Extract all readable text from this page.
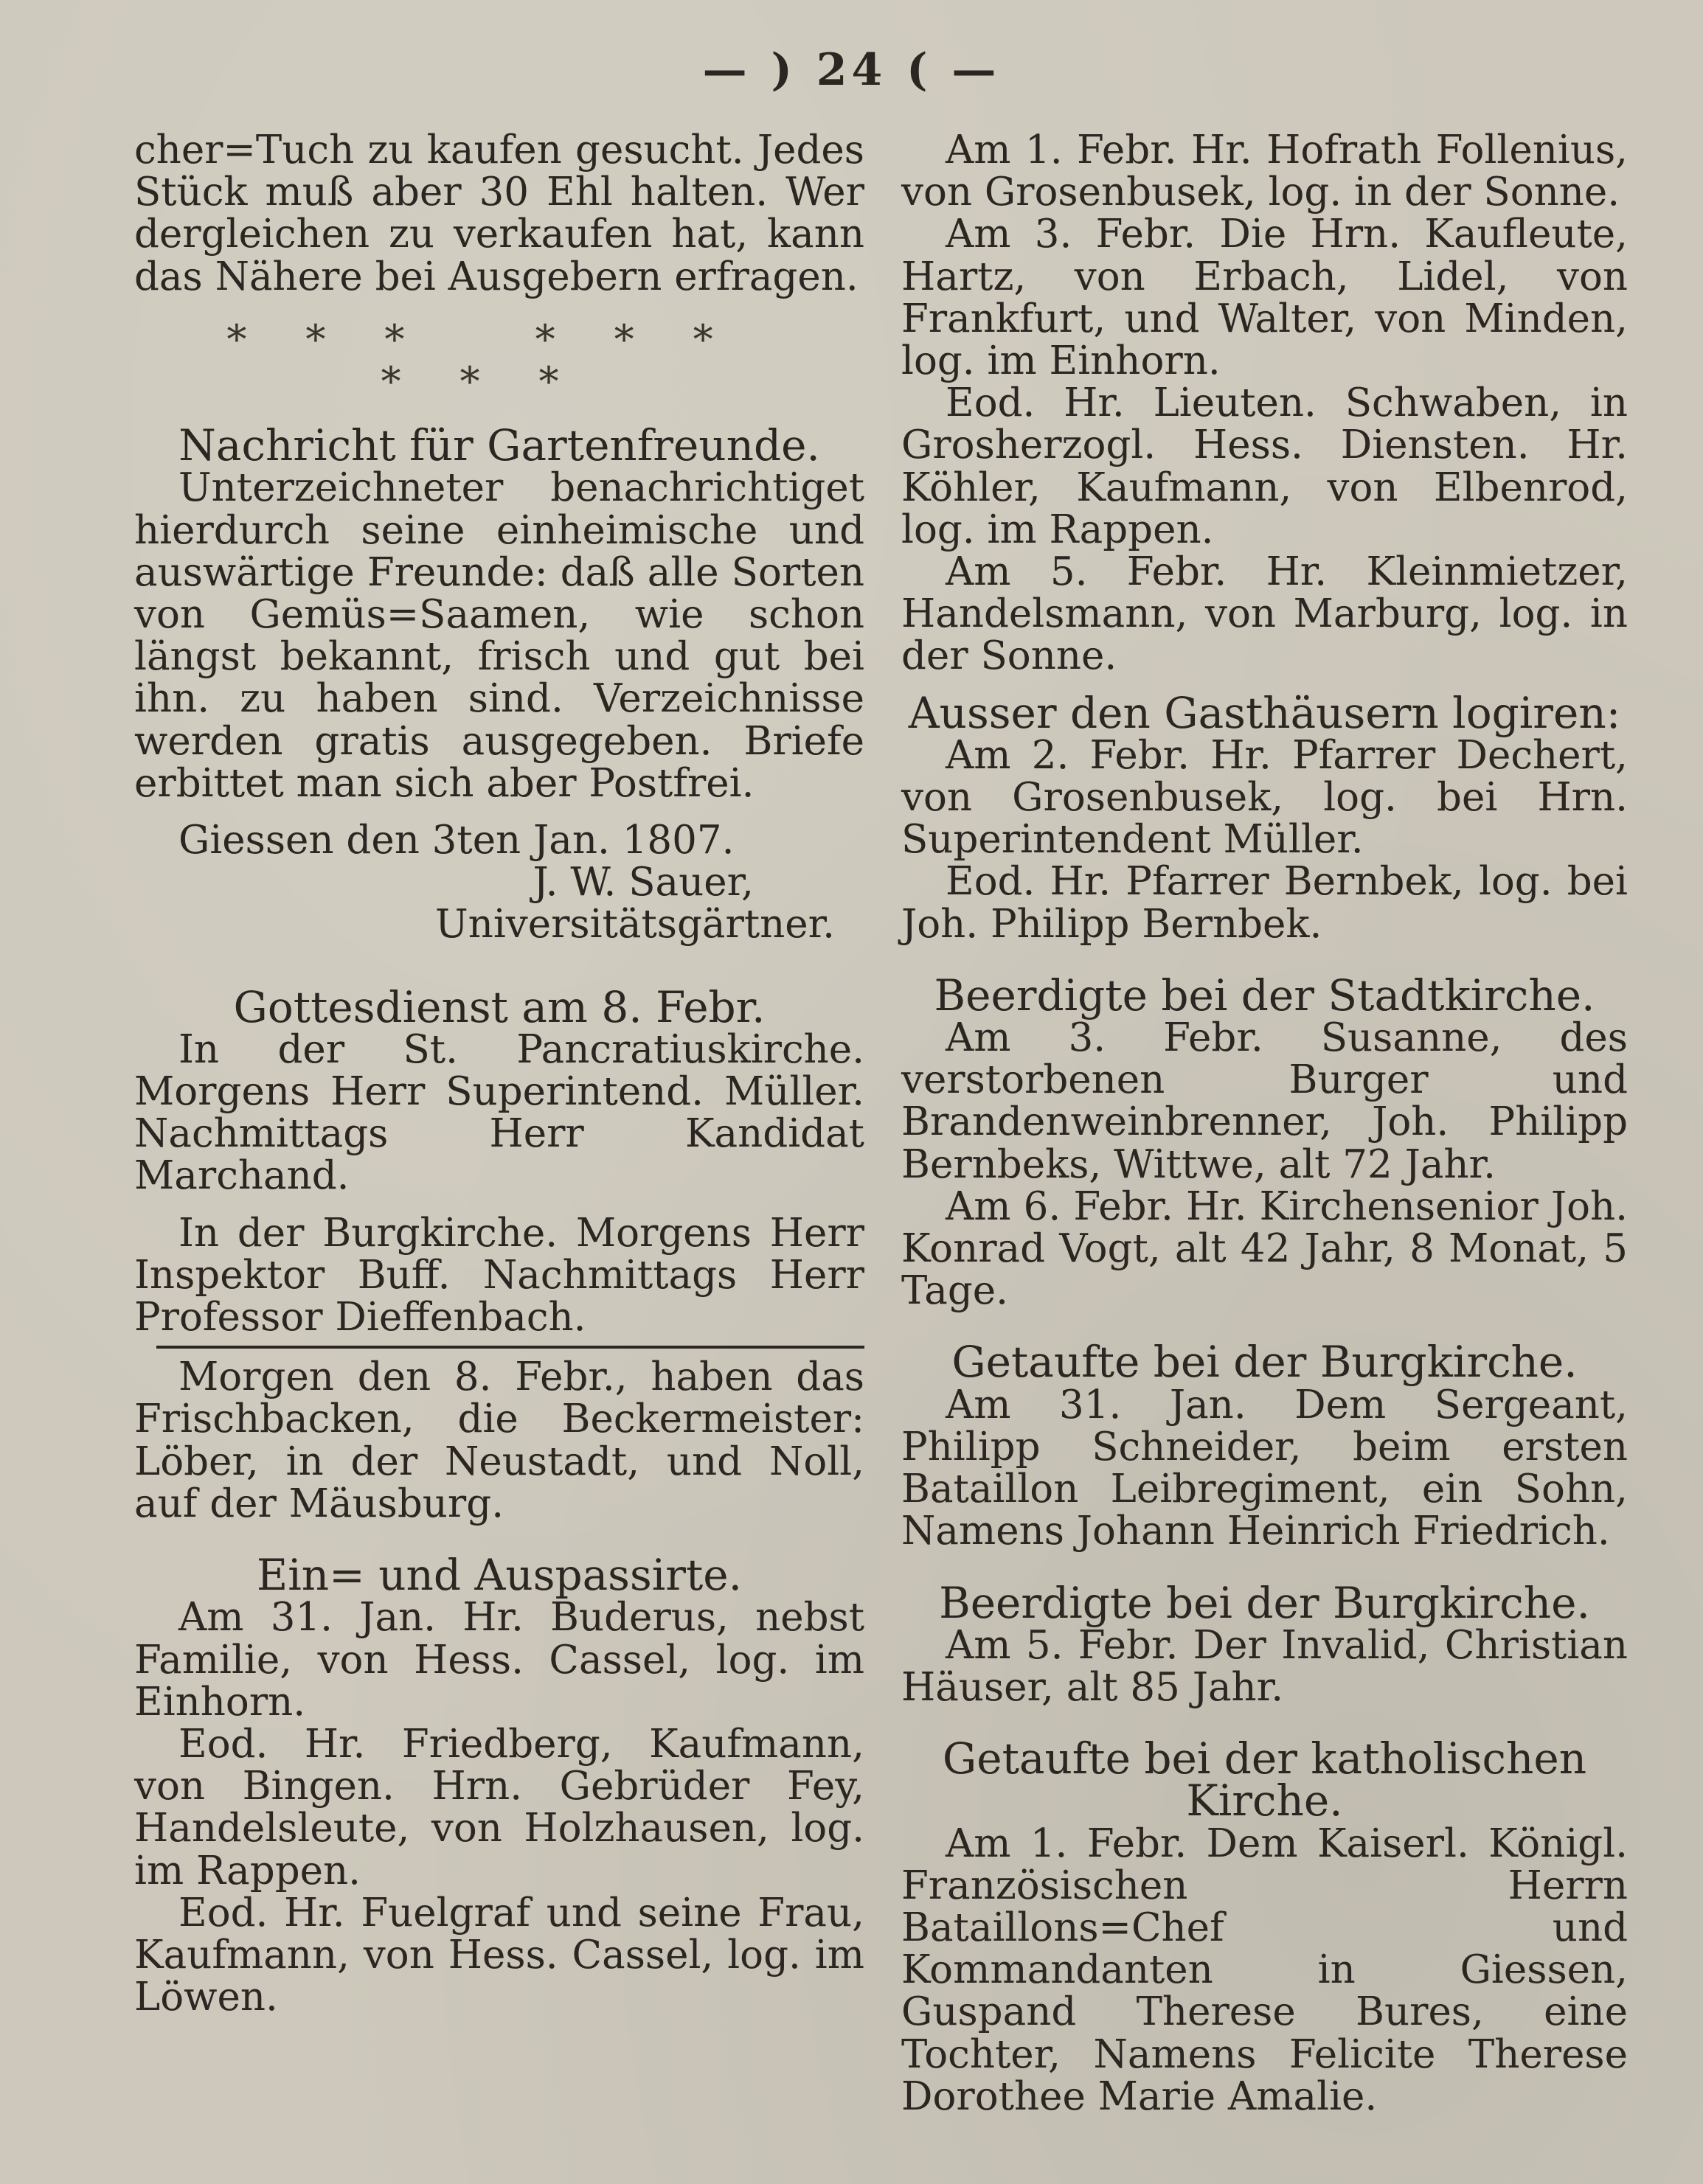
— ) 24 ( —

cher=Tuch zu kaufen gesucht. Jedes Stück muß aber 30 Ehl halten. Wer dergleichen zu verkaufen hat, kann das Nähere bei Ausgebern erfragen.

*** *** ***

Nachricht für Gartenfreunde.

Unterzeichneter benachrichtiget hierdurch seine einheimische und auswärtige Freunde: daß alle Sorten von Gemüs=Saamen, wie schon längst bekannt, frisch und gut bei ihn. zu haben sind. Verzeichnisse werden gratis ausgegeben. Briefe erbittet man sich aber Postfrei.

Giessen den 3ten Jan. 1807.

J. W. Sauer,

Universitätsgärtner.

Gottesdienst am 8. Febr.

In der St. Pancratiuskirche. Morgens Herr Superintend. Müller. Nachmittags Herr Kandidat Marchand.

In der Burgkirche. Morgens Herr Inspektor Buff. Nachmittags Herr Professor Dieffenbach.

Morgen den 8. Febr., haben das Frischbacken, die Beckermeister: Löber, in der Neustadt, und Noll, auf der Mäusburg.

Ein= und Auspassirte.

Am 31. Jan. Hr. Buderus, nebst Familie, von Hess. Cassel, log. im Einhorn.

Eod. Hr. Friedberg, Kaufmann, von Bingen. Hrn. Gebrüder Fey, Handelsleute, von Holzhausen, log. im Rappen.

Eod. Hr. Fuelgraf und seine Frau, Kaufmann, von Hess. Cassel, log. im Löwen.

Am 1. Febr. Hr. Hofrath Follenius, von Grosenbusek, log. in der Sonne.

Am 3. Febr. Die Hrn. Kaufleute, Hartz, von Erbach, Lidel, von Frankfurt, und Walter, von Minden, log. im Einhorn.

Eod. Hr. Lieuten. Schwaben, in Grosherzogl. Hess. Diensten. Hr. Köhler, Kaufmann, von Elbenrod, log. im Rappen.

Am 5. Febr. Hr. Kleinmietzer, Handelsmann, von Marburg, log. in der Sonne.

Ausser den Gasthäusern logiren:

Am 2. Febr. Hr. Pfarrer Dechert, von Grosenbusek, log. bei Hrn. Superintendent Müller.

Eod. Hr. Pfarrer Bernbek, log. bei Joh. Philipp Bernbek.

Beerdigte bei der Stadtkirche.

Am 3. Febr. Susanne, des verstorbenen Burger und Brandenweinbrenner, Joh. Philipp Bernbeks, Wittwe, alt 72 Jahr.

Am 6. Febr. Hr. Kirchensenior Joh. Konrad Vogt, alt 42 Jahr, 8 Monat, 5 Tage.

Getaufte bei der Burgkirche.

Am 31. Jan. Dem Sergeant, Philipp Schneider, beim ersten Bataillon Leibregiment, ein Sohn, Namens Johann Heinrich Friedrich.

Beerdigte bei der Burgkirche.

Am 5. Febr. Der Invalid, Christian Häuser, alt 85 Jahr.

Getaufte bei der katholischen Kirche.

Am 1. Febr. Dem Kaiserl. Königl. Französischen Herrn Bataillons=Chef und Kommandanten in Giessen, Guspand Therese Bures, eine Tochter, Namens Felicite Therese Dorothee Marie Amalie.
